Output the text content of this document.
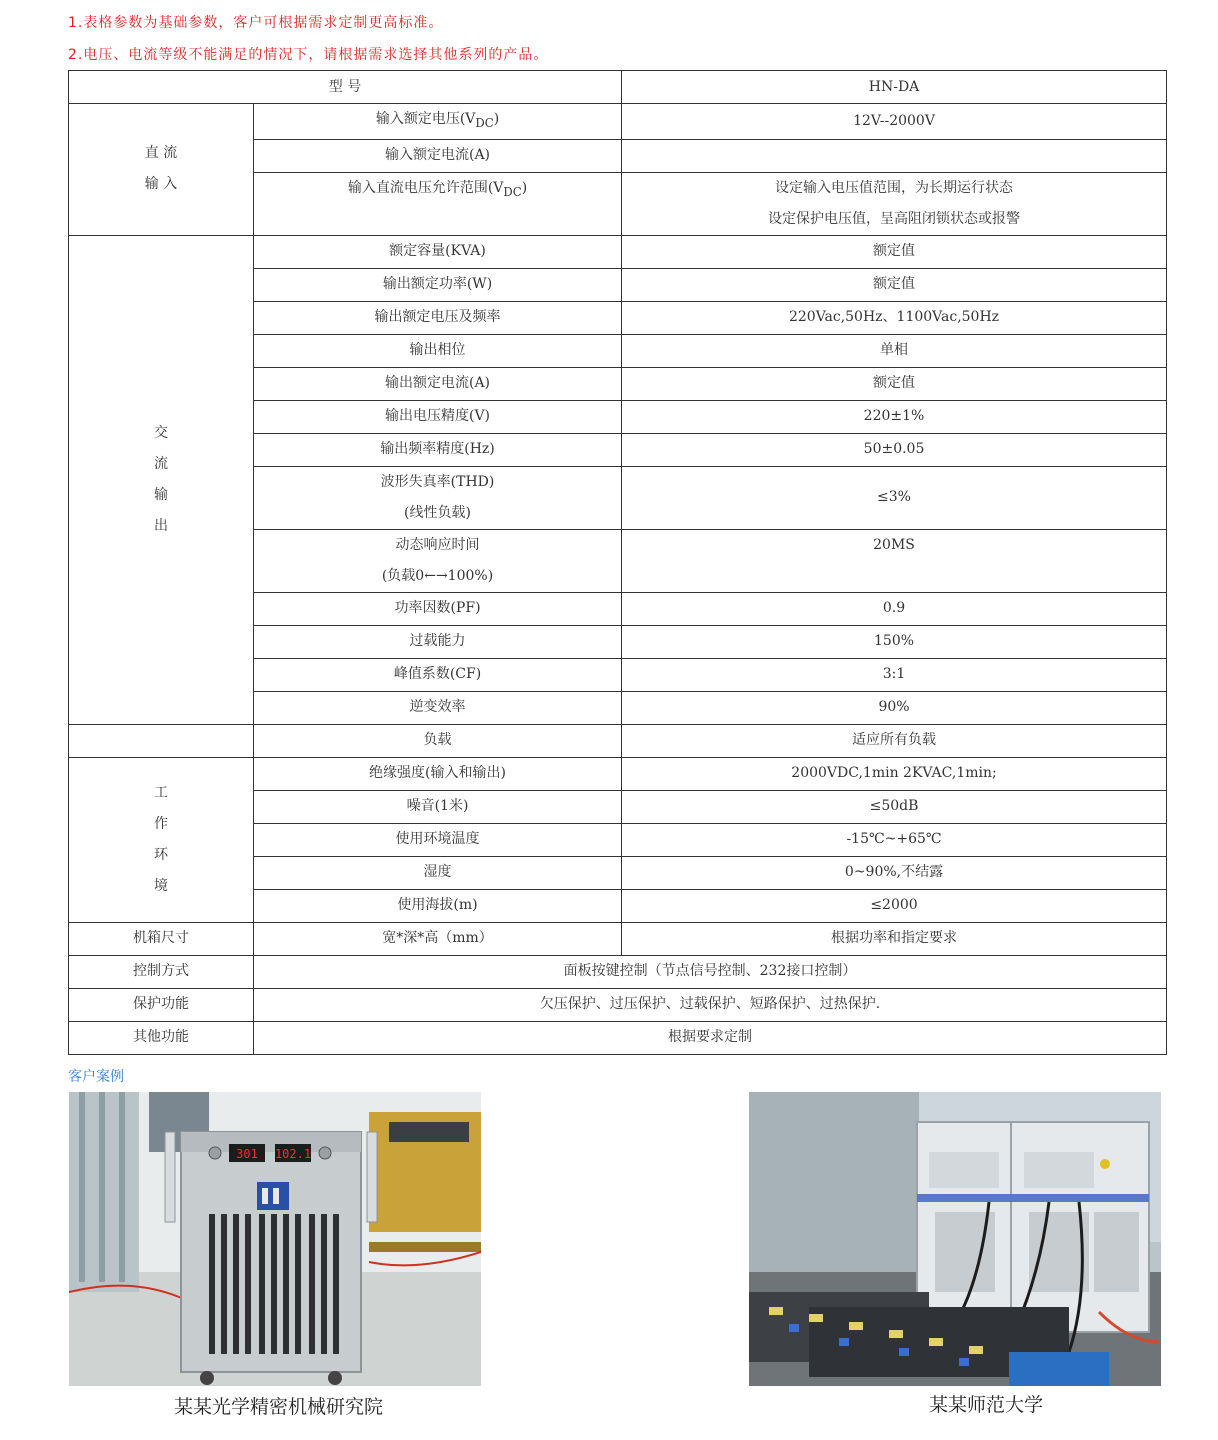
1.表格参数为基础参数，客户可根据需求定制更高标准。
2.电压、电流等级不能满足的情况下，请根据需求选择其他系列的产品。
型 号		HN-DA

直 流
输 入	输入额定电压$(V_{DC})$	12V--2000V
	输入额定电流(A)	
	输入直流电压允许范围$(V_{DC})$	设定输入电压值范围，为长期运行状态
设定保护电压值，呈高阻闭锁状态或报警

交
流
输
出	额定容量(KVA)	额定值
	输出额定功率(W)	额定值
	输出额定电压及频率	220Vac,50Hz、1100Vac,50Hz
	输出相位	单相
	输出额定电流(A)	额定值
	输出电压精度(V)	220±1%
	输出频率精度(Hz)	50±0.05

	波形失真率(THD)
(线性负载)	≤3%

	动态响应时间
(负载0←→100%)	20MS
	功率因数(PF)	0.9
	过载能力	150%
	峰值系数(CF)	3:1
	逆变效率	90%
	负载	适应所有负载

工
作
环
境	绝缘强度(输入和输出)	2000VDC,1min 2KVAC,1min;
	噪音(1米)	≤50dB
	使用环境温度	-15℃~+65℃
	湿度	0~90%,不结露
	使用海拔(m)	≤2000
机箱尺寸	宽*深*高（mm）	根据功率和指定要求
控制方式	面板按键控制（节点信号控制、232接口控制）	
保护功能	欠压保护、过压保护、过载保护、短路保护、过热保护.	
其他功能	根据要求定制	
客户案例
301 102.1
某某光学精密机械研究院	某某师范大学
